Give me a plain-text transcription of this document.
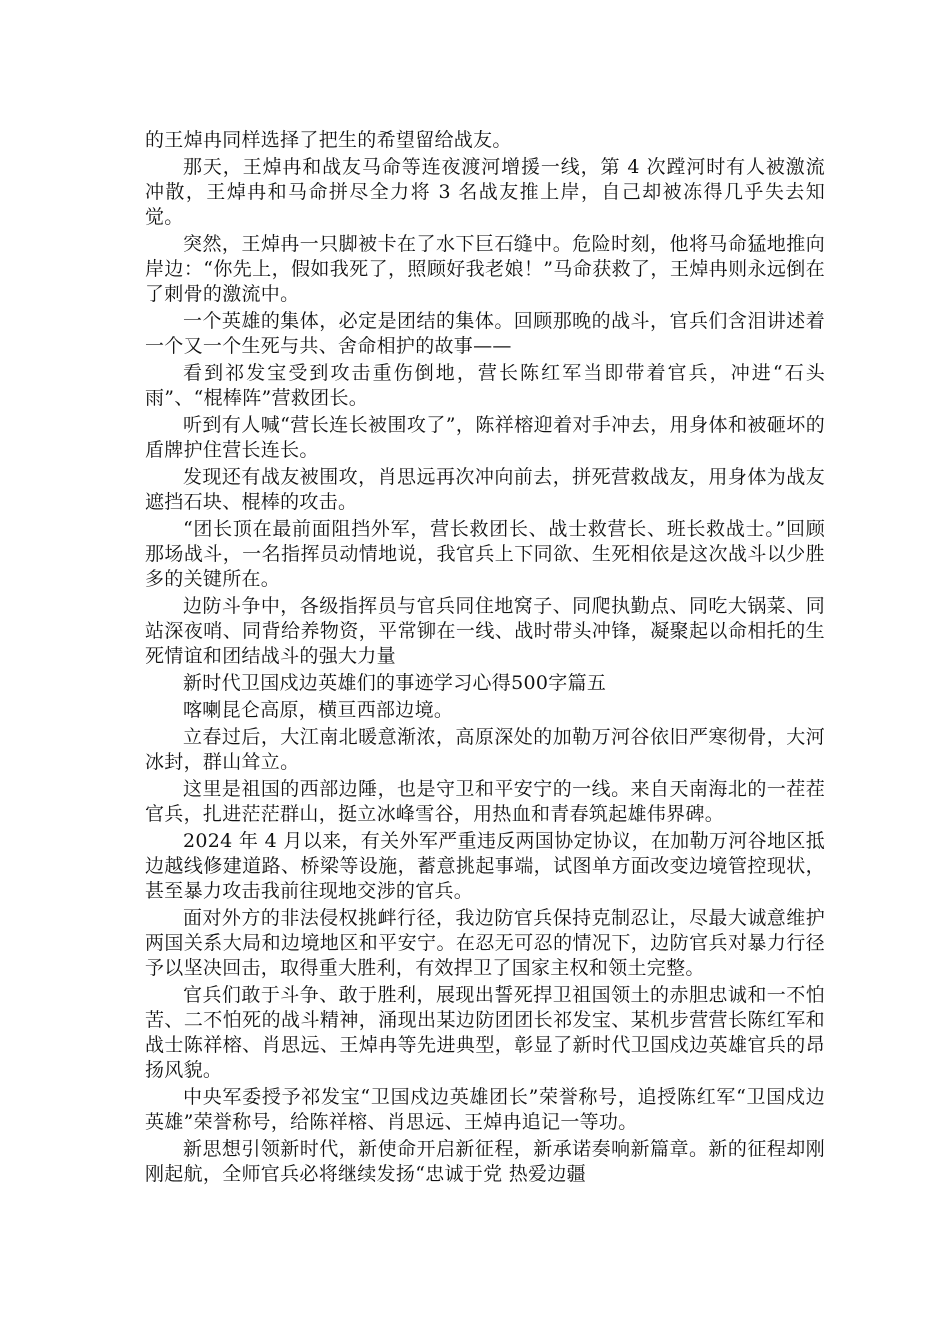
的王焯冉同样选择了把生的希望留给战友。

那天，王焯冉和战友马命等连夜渡河增援一线，第 4 次蹚河时有人被激流冲散，王焯冉和马命拼尽全力将 3 名战友推上岸，自己却被冻得几乎失去知觉。

突然，王焯冉一只脚被卡在了水下巨石缝中。危险时刻，他将马命猛地推向岸边：“你先上，假如我死了，照顾好我老娘！”马命获救了，王焯冉则永远倒在了刺骨的激流中。

一个英雄的集体，必定是团结的集体。回顾那晚的战斗，官兵们含泪讲述着一个又一个生死与共、舍命相护的故事——

看到祁发宝受到攻击重伤倒地，营长陈红军当即带着官兵，冲进“石头雨”、“棍棒阵”营救团长。

听到有人喊“营长连长被围攻了”，陈祥榕迎着对手冲去，用身体和被砸坏的盾牌护住营长连长。

发现还有战友被围攻，肖思远再次冲向前去，拼死营救战友，用身体为战友遮挡石块、棍棒的攻击。

“团长顶在最前面阻挡外军，营长救团长、战士救营长、班长救战士。”回顾那场战斗，一名指挥员动情地说，我官兵上下同欲、生死相依是这次战斗以少胜多的关键所在。

边防斗争中，各级指挥员与官兵同住地窝子、同爬执勤点、同吃大锅菜、同站深夜哨、同背给养物资，平常铆在一线、战时带头冲锋，凝聚起以命相托的生死情谊和团结战斗的强大力量

新时代卫国戍边英雄们的事迹学习心得500字篇五

喀喇昆仑高原，横亘西部边境。

立春过后，大江南北暖意渐浓，高原深处的加勒万河谷依旧严寒彻骨，大河冰封，群山耸立。

这里是祖国的西部边陲，也是守卫和平安宁的一线。来自天南海北的一茬茬官兵，扎进茫茫群山，挺立冰峰雪谷，用热血和青春筑起雄伟界碑。

2024 年 4 月以来，有关外军严重违反两国协定协议，在加勒万河谷地区抵边越线修建道路、桥梁等设施，蓄意挑起事端，试图单方面改变边境管控现状，甚至暴力攻击我前往现地交涉的官兵。

面对外方的非法侵权挑衅行径，我边防官兵保持克制忍让，尽最大诚意维护两国关系大局和边境地区和平安宁。在忍无可忍的情况下，边防官兵对暴力行径予以坚决回击，取得重大胜利，有效捍卫了国家主权和领土完整。

官兵们敢于斗争、敢于胜利，展现出誓死捍卫祖国领土的赤胆忠诚和一不怕苦、二不怕死的战斗精神，涌现出某边防团团长祁发宝、某机步营营长陈红军和战士陈祥榕、肖思远、王焯冉等先进典型，彰显了新时代卫国戍边英雄官兵的昂扬风貌。

中央军委授予祁发宝“卫国戍边英雄团长”荣誉称号，追授陈红军“卫国戍边英雄”荣誉称号，给陈祥榕、肖思远、王焯冉追记一等功。

新思想引领新时代，新使命开启新征程，新承诺奏响新篇章。新的征程却刚刚起航，全师官兵必将继续发扬“忠诚于党 热爱边疆
